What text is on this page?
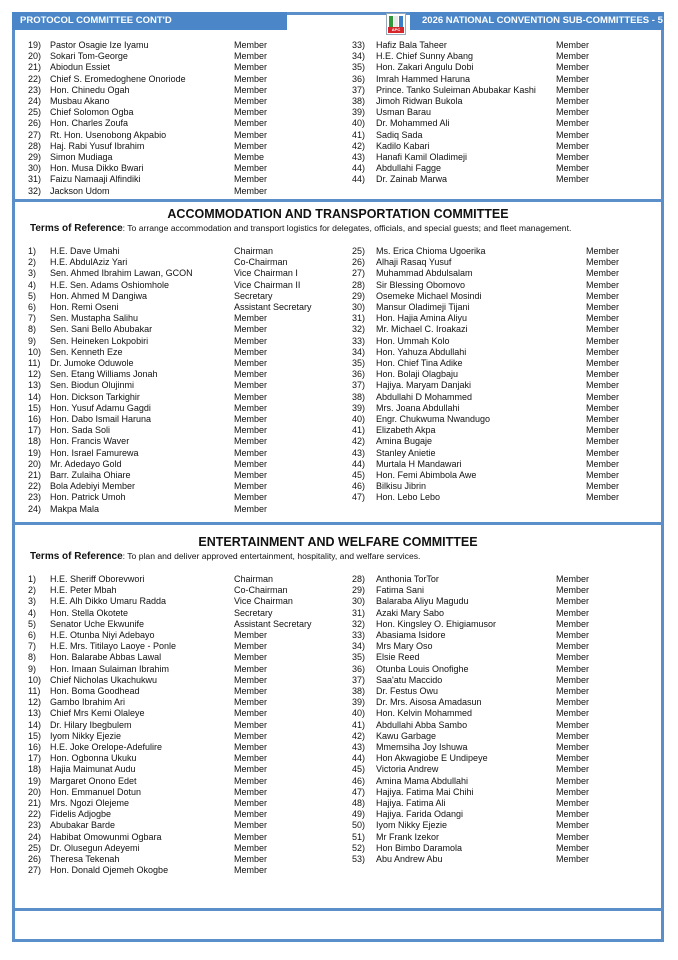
PROTOCOL COMMITTEE CONT'D
APC
2026 NATIONAL CONVENTION SUB-COMMITTEES - 5
19) Pastor Osagie Ize Iyamu	Member
20) Sokari Tom-George	Member
21) Abiodun Essiet	Member
22) Chief S. Eromedoghene Onoriode	Member
23) Hon. Chinedu Ogah	Member
24) Musbau Akano	Member
25) Chief Solomon Ogba	Member
26) Hon. Charles Zoufa	Member
27) Rt. Hon. Usenobong Akpabio	Member
28) Haj. Rabi Yusuf Ibrahim	Member
29) Simon Mudiaga	Membe
30) Hon. Musa Dikko Bwari	Member
31) Faizu Namaaji Alfindiki	Member
32) Jackson Udom	Member
33)	Hafiz Bala Taheer	Member
34)	H.E. Chief Sunny Abang	Member
35)	Hon. Zakari Angulu Dobi	Member
36)	Imrah Hammed Haruna	Member
37)	Prince. Tanko Suleiman Abubakar Kashi	Member
38)	Jimoh Ridwan Bukola	Member
39)	Usman Barau	Member
40)	Dr. Mohammed Ali	Member
41)	Sadiq Sada	Member
42)	Kadilo Kabari	Member
43)	Hanafi Kamil Oladimeji	Member
44)	Abdullahi Fagge	Member
44)	Dr. Zainab Marwa	Member
ACCOMMODATION AND TRANSPORTATION COMMITTEE
Terms of Reference: To arrange accommodation and transport logistics for delegates, officials, and special guests; and fleet management.
1)	H.E. Dave Umahi	Chairman
2)	H.E. AbdulAziz Yari	Co-Chairman
3)	Sen. Ahmed Ibrahim Lawan, GCON	Vice Chairman I
4)	H.E. Sen. Adams Oshiomhole	Vice Chairman II
5)	Hon. Ahmed M Dangiwa	Secretary
6)	Hon. Remi Oseni	Assistant Secretary
7)	Sen. Mustapha Salihu	Member
8)	Sen. Sani Bello Abubakar	Member
9)	Sen. Heineken Lokpobiri	Member
10) Sen. Kenneth Eze	Member
11)	Dr. Jumoke Oduwole	Member
12) Sen. Etang Williams Jonah	Member
13) Sen. Biodun Olujinmi	Member
14) Hon. Dickson Tarkighir	Member
15) Hon. Yusuf Adamu Gagdi	Member
16) Hon. Dabo Ismail Haruna	Member
17) Hon. Sada Soli	Member
18) Hon. Francis Waver	Member
19) Hon. Israel Famurewa	Member
20) Mr. Adedayo Gold	Member
21) Barr. Zulaiha Ohiare	Member
22) Bola Adebiyi Member	Member
23) Hon. Patrick Umoh	Member
24) Makpa Mala	Member
25)	Ms. Erica Chioma Ugoerika	Member
26)	Alhaji Rasaq Yusuf	Member
27)	Muhammad Abdulsalam	Member
28)	Sir Blessing Obomovo	Member
29)	Osemeke Michael Mosindi	Member
30)	Mansur Oladimeji Tijani	Member
31)	Hon. Hajia Amina Aliyu	Member
32)	Mr. Michael C. Iroakazi	Member
33)	Hon. Ummah Kolo	Member
34)	Hon. Yahuza Abdullahi	Member
35)	Hon. Chief Tina Adike	Member
36)	Hon. Bolaji Olagbaju	Member
37)	Hajiya. Maryam Danjaki	Member
38)	Abdullahi D Mohammed	Member
39)	Mrs. Joana Abdullahi	Member
40)	Engr. Chukwuma Nwandugo	Member
41)	Elizabeth Akpa	Member
42)	Amina Bugaje	Member
43)	Stanley Anietie	Member
44)	Murtala H Mandawari	Member
45)	Hon. Femi Abimbola Awe	Member
46)	Bilkisu Jibrin	Member
47)	Hon. Lebo Lebo	Member
ENTERTAINMENT AND WELFARE COMMITTEE
Terms of Reference: To plan and deliver approved entertainment, hospitality, and welfare services.
1)	H.E. Sheriff Oborevwori	Chairman
2)	H.E. Peter Mbah	Co-Chairman
3)	H.E. Alh Dikko Umaru Radda	Vice Chairman
4)	Hon. Stella Okotete	Secretary
5)	Senator Uche Ekwunife	Assistant Secretary
6)	H.E. Otunba Niyi Adebayo	Member
7)	H.E. Mrs. Titilayo Laoye - Ponle	Member
8)	Hon. Balarabe Abbas Lawal	Member
9)	Hon. Imaan Sulaiman Ibrahim	Member
10) Chief Nicholas Ukachukwu	Member
11)	Hon. Boma Goodhead	Member
12) Gambo Ibrahim Ari	Member
13) Chief Mrs Kemi Olaleye	Member
14) Dr. Hilary Ibegbulem	Member
15) Iyom Nikky Ejezie	Member
16) H.E. Joke Orelope-Adefulire	Member
17) Hon. Ogbonna Ukuku	Member
18) Hajia Maimunat Audu	Member
19) Margaret Onono Edet	Member
20) Hon. Emmanuel Dotun	Member
21) Mrs. Ngozi Olejeme	Member
22) Fidelis Adjogbe	Member
23) Abubakar Barde	Member
24) Habibat Omowunmi Ogbara	Member
25) Dr. Olusegun Adeyemi	Member
26) Theresa Tekenah	Member
27) Hon. Donald Ojemeh Okogbe	Member
28)	Anthonia TorTor	Member
29)	Fatima Sani	Member
30)	Balaraba Aliyu Magudu	Member
31)	Azaki Mary Sabo	Member
32)	Hon. Kingsley O. Ehigiamusor	Member
33)	Abasiama Isidore	Member
34)	Mrs Mary Oso	Member
35)	Elsie Reed	Member
36)	Otunba Louis Onofighe	Member
37)	Saa'atu Maccido	Member
38)	Dr. Festus Owu	Member
39)	Dr. Mrs. Aisosa Amadasun	Member
40)	Hon. Kelvin Mohammed	Member
41)	Abdullahi Abba Sambo	Member
42)	Kawu Garbage	Member
43)	Mmemsiha Joy Ishuwa	Member
44)	Hon Akwagiobe E Undipeye	Member
45)	Victoria Andrew	Member
46)	Amina Mama Abdullahi	Member
47)	Hajiya. Fatima Mai Chihi	Member
48)	Hajiya. Fatima Ali	Member
49)	Hajiya. Farida Odangi	Member
50)	Iyom Nikky Ejezie	Member
51)	Mr Frank Izekor	Member
52)	Hon Bimbo Daramola	Member
53)	Abu Andrew Abu	Member
